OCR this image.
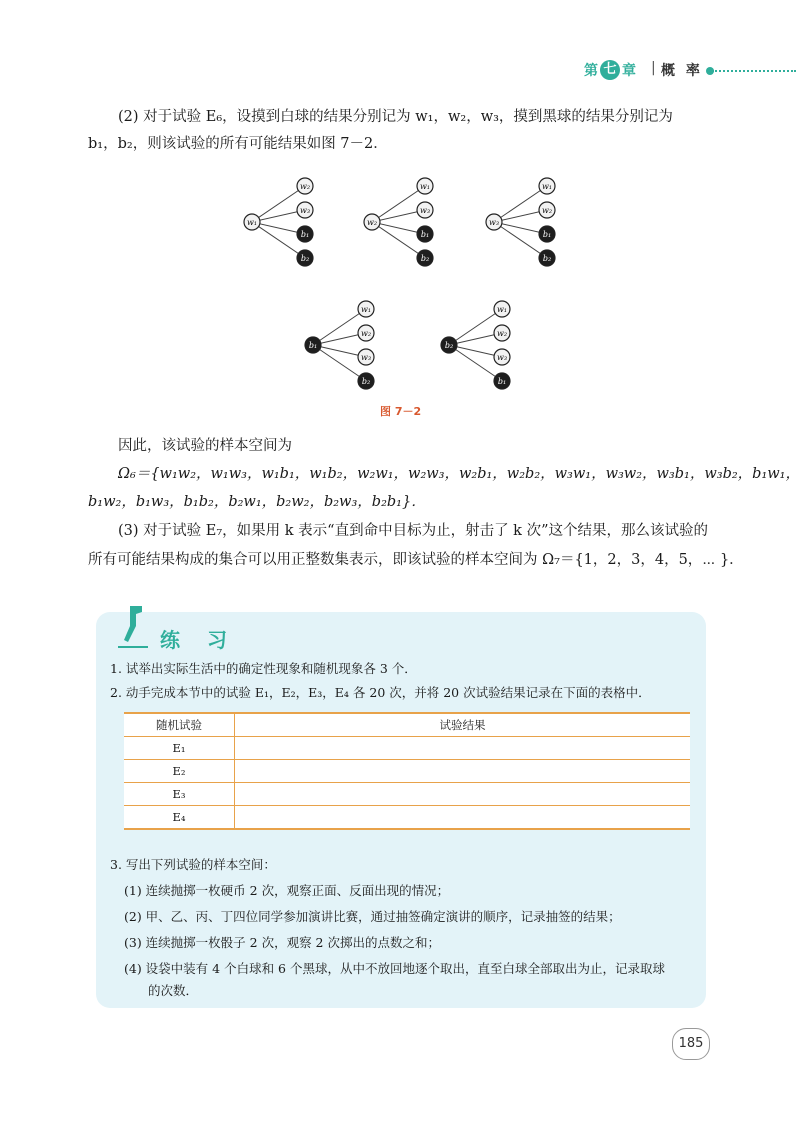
第 七 章 | 概 率
(2) 对于试验 E₆，设摸到白球的结果分别记为 w₁，w₂，w₃，摸到黑球的结果分别记为
b₁，b₂，则该试验的所有可能结果如图 7－2．
w₁
w₂
w₃
b₁
b₂
w₂
w₁
w₃
b₁
b₂
w₃
w₁
w₂
b₁
b₂
b₁
w₁
w₂
w₃
b₂
b₂
w₁
w₂
w₃
b₁
图 7－2
因此，该试验的样本空间为
Ω₆＝{w₁w₂，w₁w₃，w₁b₁，w₁b₂，w₂w₁，w₂w₃，w₂b₁，w₂b₂，w₃w₁，w₃w₂，w₃b₁，w₃b₂，b₁w₁，
b₁w₂，b₁w₃，b₁b₂，b₂w₁，b₂w₂，b₂w₃，b₂b₁}．
(3) 对于试验 E₇，如果用 k 表示“直到命中目标为止，射击了 k 次”这个结果，那么该试验的
所有可能结果构成的集合可以用正整数集表示，即该试验的样本空间为 Ω₇＝{1，2，3，4，5，⋯ }．
练 习
1. 试举出实际生活中的确定性现象和随机现象各 3 个．
2. 动手完成本节中的试验 E₁，E₂，E₃，E₄ 各 20 次，并将 20 次试验结果记录在下面的表格中．
随机试验	试验结果
E₁	
E₂	
E₃	
E₄	
3. 写出下列试验的样本空间：
(1) 连续抛掷一枚硬币 2 次，观察正面、反面出现的情况；
(2) 甲、乙、丙、丁四位同学参加演讲比赛，通过抽签确定演讲的顺序，记录抽签的结果；
(3) 连续抛掷一枚骰子 2 次，观察 2 次掷出的点数之和；
(4) 设袋中装有 4 个白球和 6 个黑球，从中不放回地逐个取出，直至白球全部取出为止，记录取球
的次数．
185
